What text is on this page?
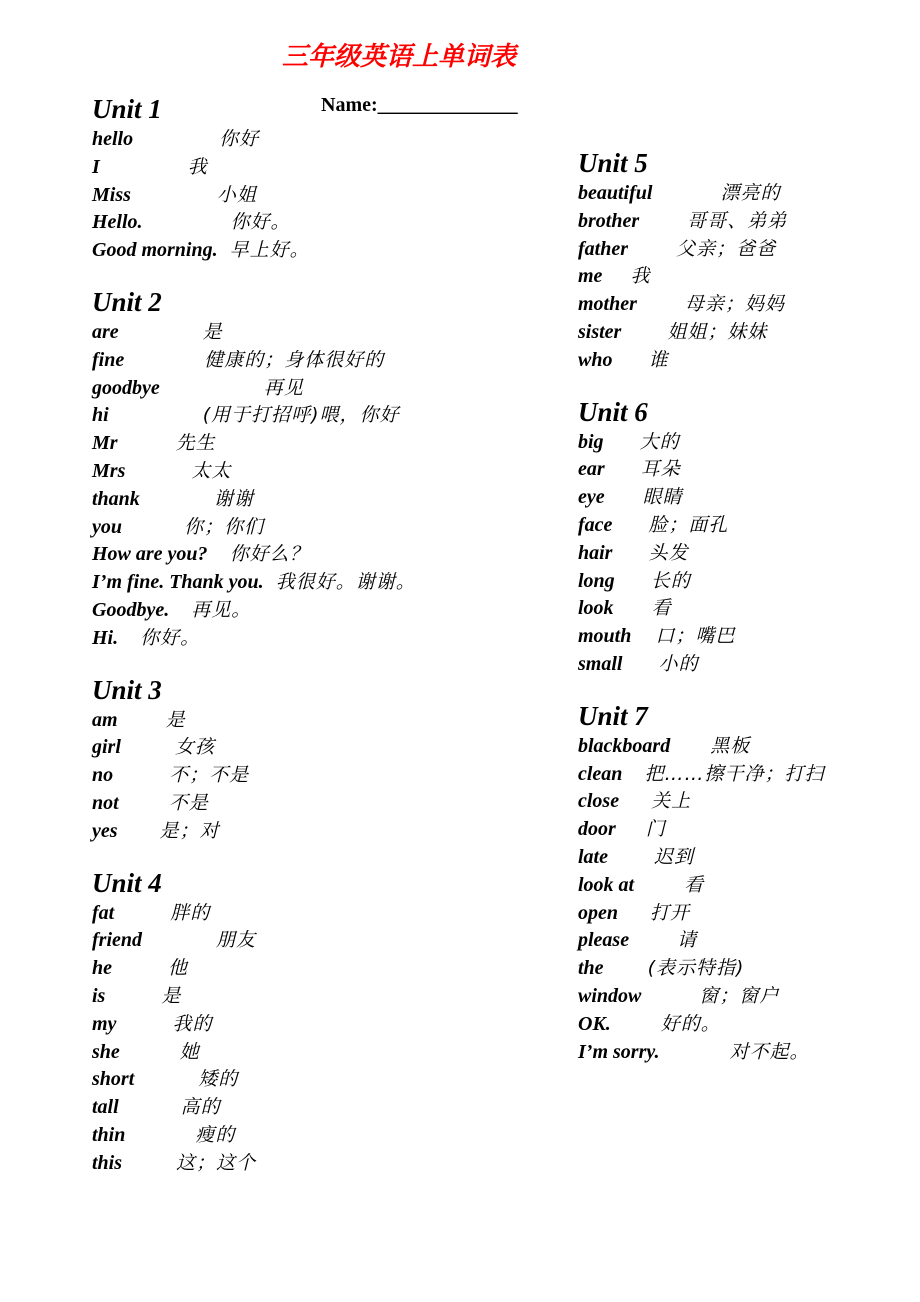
三年级英语上单词表
Name:______________
Unit 1
hello	你好
I	我
Miss	小姐
Hello.	你好。
Good morning. 早上好。
Unit 2
are	是
fine	健康的；身体很好的
goodbye	再见
hi	(用于打招呼)喂，你好
Mr	先生
Mrs	太太
thank	谢谢
you	你；你们
How are you? 你好么？
I’m fine. Thank you. 我很好。谢谢。
Goodbye. 再见。
Hi. 你好。
Unit 3
am	是
girl	女孩
no	不；不是
not	不是
yes 是；对
Unit 4
fat	胖的
friend	朋友
he	他
is	是
my	我的
she	她
short	矮的
tall	高的
thin	瘦的
this	这；这个
Unit 5
beautiful	漂亮的
brother	哥哥、弟弟
father	父亲；爸爸
me 我
mother	母亲；妈妈
sister 姐姐；妹妹
who 谁
Unit 6
big 大的
ear 耳朵
eye 眼睛
face 脸；面孔
hair 头发
long 长的
look 看
mouth 口；嘴巴
small 小的
Unit 7
blackboard 黑板
clean 把……擦干净；打扫
close 关上
door 门
late 迟到
look at	看
open 打开
please	请
the (表示特指)
window	窗；窗户
OK.	好的。
I’m sorry.	对不起。
